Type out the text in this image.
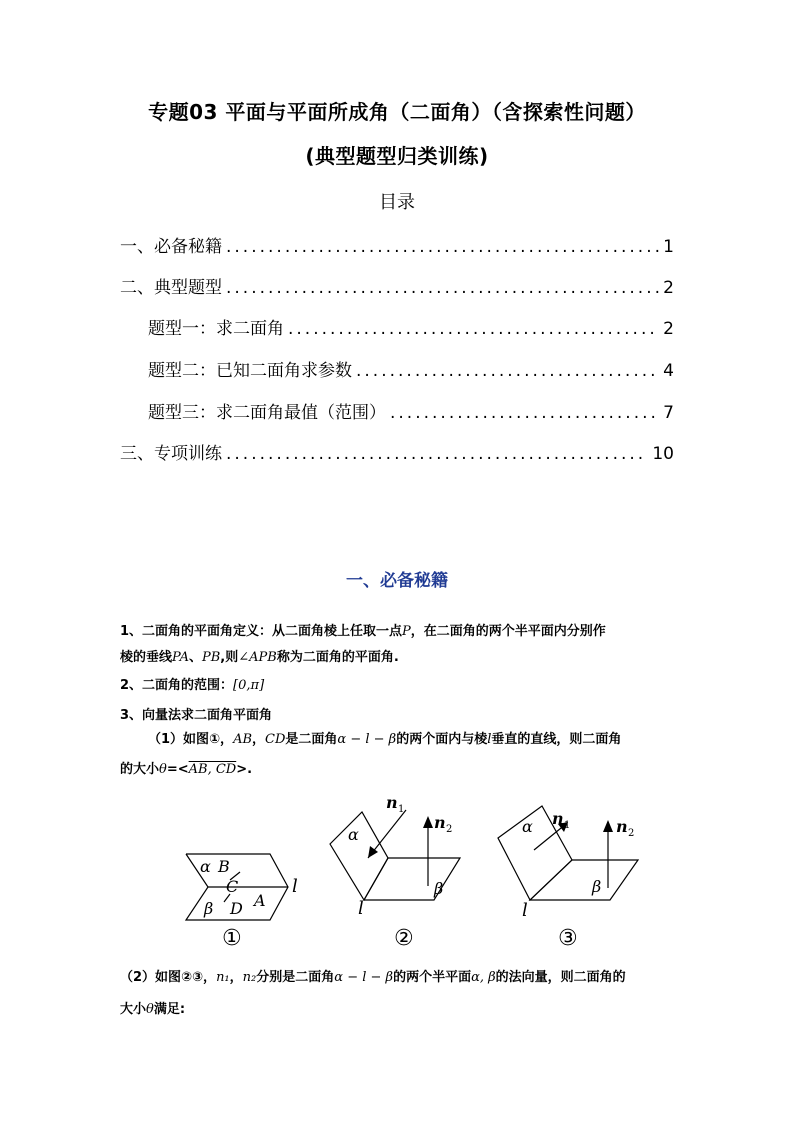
专题03 平面与平面所成角（二面角）（含探索性问题）
(典型题型归类训练)
目录
一、必备秘籍 .....	1
二、典型题型 .....	2
题型一：求二面角 .....	2
题型二：已知二面角求参数 .....	4
题型三：求二面角最值（范围） .....	7
三、专项训练 .....	10
一、必备秘籍
1、二面角的平面角定义：从二面角棱上任取一点P，在二面角的两个半平面内分别作
棱的垂线PA、PB,则∠APB称为二面角的平面角.
2、二面角的范围：[0,π]
3、向量法求二面角平面角
（1）如图①，AB，CD是二面角α − l − β的两个面内与棱l垂直的直线，则二面角
的大小θ=<AB, CD>.
α B
C
A
β D
l
①
α
β
n 1
n 2
l
②
α
β
n 1	n 2
l
③
（2）如图②③，n₁，n₂分别是二面角α − l − β的两个半平面α, β的法向量，则二面角的
大小θ满足:
